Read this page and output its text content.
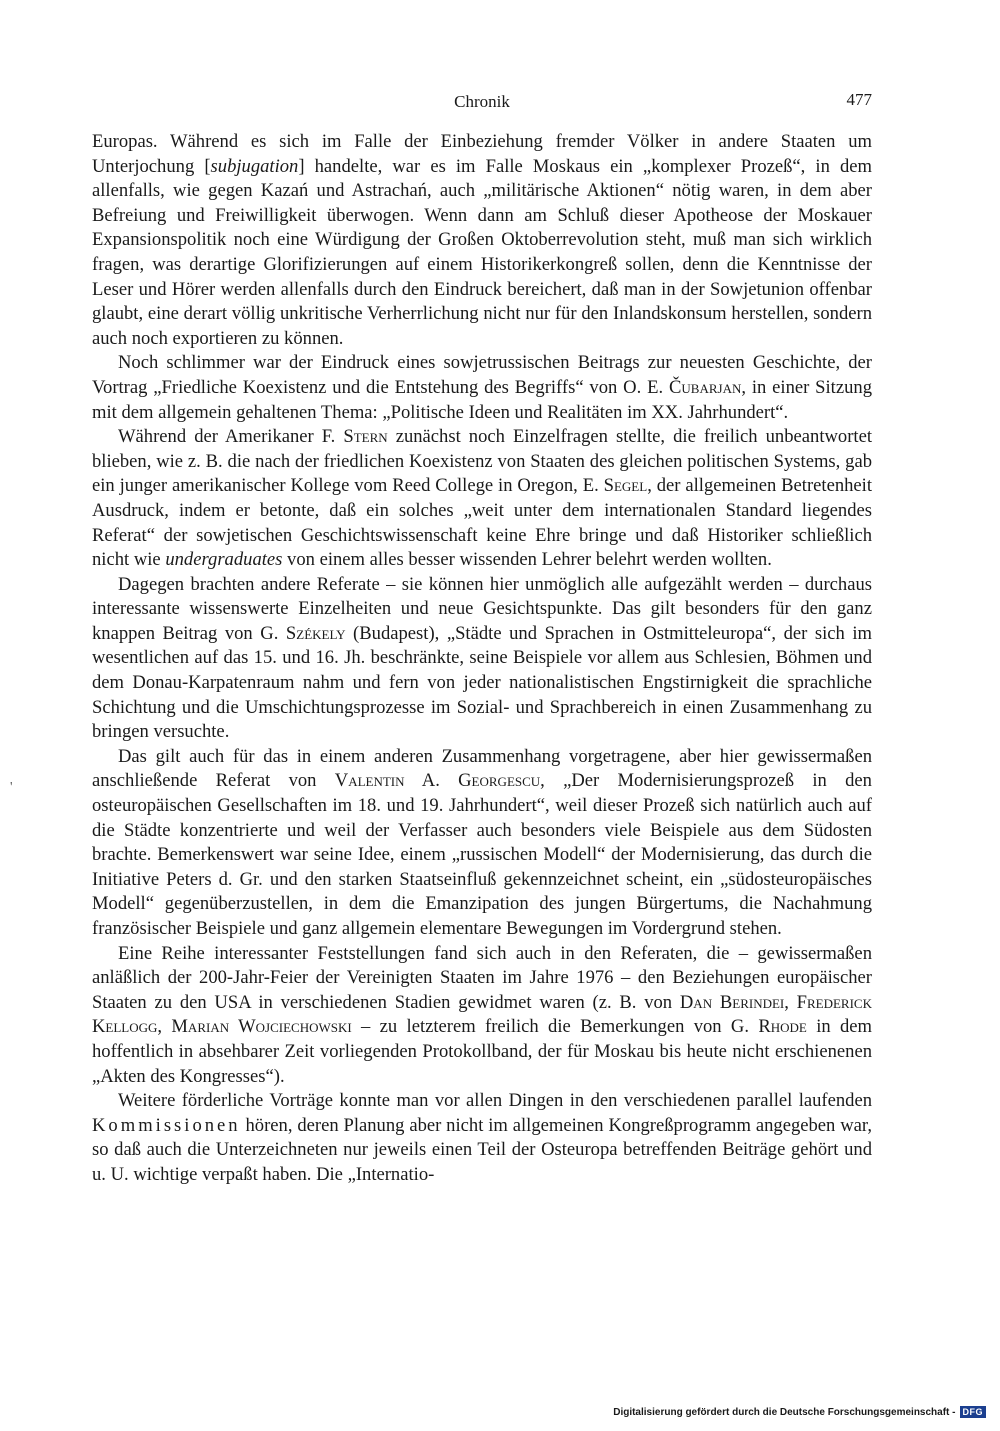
Chronik	477

Europas. Während es sich im Falle der Einbeziehung fremder Völker in andere Staaten um Unterjochung [subjugation] handelte, war es im Falle Moskaus ein „komplexer Prozeß“, in dem allenfalls, wie gegen Kazań und Astrachań, auch „militärische Aktionen“ nötig waren, in dem aber Befreiung und Freiwilligkeit überwogen. Wenn dann am Schluß dieser Apotheose der Moskauer Expansionspolitik noch eine Würdigung der Großen Oktoberrevolution steht, muß man sich wirklich fragen, was derartige Glorifizierungen auf einem Historikerkongreß sollen, denn die Kenntnisse der Leser und Hörer werden allenfalls durch den Eindruck bereichert, daß man in der Sowjetunion offenbar glaubt, eine derart völlig unkritische Verherrlichung nicht nur für den Inlandskonsum herstellen, sondern auch noch exportieren zu können.

Noch schlimmer war der Eindruck eines sowjetrussischen Beitrags zur neuesten Geschichte, der Vortrag „Friedliche Koexistenz und die Entstehung des Begriffs“ von O. E. Čubarjan, in einer Sitzung mit dem allgemein gehaltenen Thema: „Politische Ideen und Realitäten im XX. Jahrhundert“.

Während der Amerikaner F. Stern zunächst noch Einzelfragen stellte, die freilich unbeantwortet blieben, wie z. B. die nach der friedlichen Koexistenz von Staaten des gleichen politischen Systems, gab ein junger amerikanischer Kollege vom Reed College in Oregon, E. Segel, der allgemeinen Betretenheit Ausdruck, indem er betonte, daß ein solches „weit unter dem internationalen Standard liegendes Referat“ der sowjetischen Geschichtswissenschaft keine Ehre bringe und daß Historiker schließlich nicht wie undergraduates von einem alles besser wissenden Lehrer belehrt werden wollten.

Dagegen brachten andere Referate – sie können hier unmöglich alle aufgezählt werden – durchaus interessante wissenswerte Einzelheiten und neue Gesichtspunkte. Das gilt besonders für den ganz knappen Beitrag von G. Székely (Budapest), „Städte und Sprachen in Ostmitteleuropa“, der sich im wesentlichen auf das 15. und 16. Jh. beschränkte, seine Beispiele vor allem aus Schlesien, Böhmen und dem Donau-Karpatenraum nahm und fern von jeder nationalistischen Engstirnigkeit die sprachliche Schichtung und die Umschichtungsprozesse im Sozial- und Sprachbereich in einen Zusammenhang zu bringen versuchte.

Das gilt auch für das in einem anderen Zusammenhang vorgetragene, aber hier gewissermaßen anschließende Referat von Valentin A. Georgescu, „Der Modernisierungsprozeß in den osteuropäischen Gesellschaften im 18. und 19. Jahrhundert“, weil dieser Prozeß sich natürlich auch auf die Städte konzentrierte und weil der Verfasser auch besonders viele Beispiele aus dem Südosten brachte. Bemerkenswert war seine Idee, einem „russischen Modell“ der Modernisierung, das durch die Initiative Peters d. Gr. und den starken Staatseinfluß gekennzeichnet scheint, ein „südosteuropäisches Modell“ gegenüberzustellen, in dem die Emanzipation des jungen Bürgertums, die Nachahmung französischer Beispiele und ganz allgemein elementare Bewegungen im Vordergrund stehen.

Eine Reihe interessanter Feststellungen fand sich auch in den Referaten, die – gewissermaßen anläßlich der 200-Jahr-Feier der Vereinigten Staaten im Jahre 1976 – den Beziehungen europäischer Staaten zu den USA in verschiedenen Stadien gewidmet waren (z. B. von Dan Berindei, Frederick Kellogg, Marian Wojciechowski – zu letzterem freilich die Bemerkungen von G. Rhode in dem hoffentlich in absehbarer Zeit vorliegenden Protokollband, der für Moskau bis heute nicht erschienenen „Akten des Kongresses“).

Weitere förderliche Vorträge konnte man vor allen Dingen in den verschiedenen parallel laufenden Kommissionen hören, deren Planung aber nicht im allgemeinen Kongreßprogramm angegeben war, so daß auch die Unterzeichneten nur jeweils einen Teil der Osteuropa betreffenden Beiträge gehört und u. U. wichtige verpaßt haben. Die „Internatio-

'
Digitalisierung gefördert durch die Deutsche Forschungsgemeinschaft - DFG
